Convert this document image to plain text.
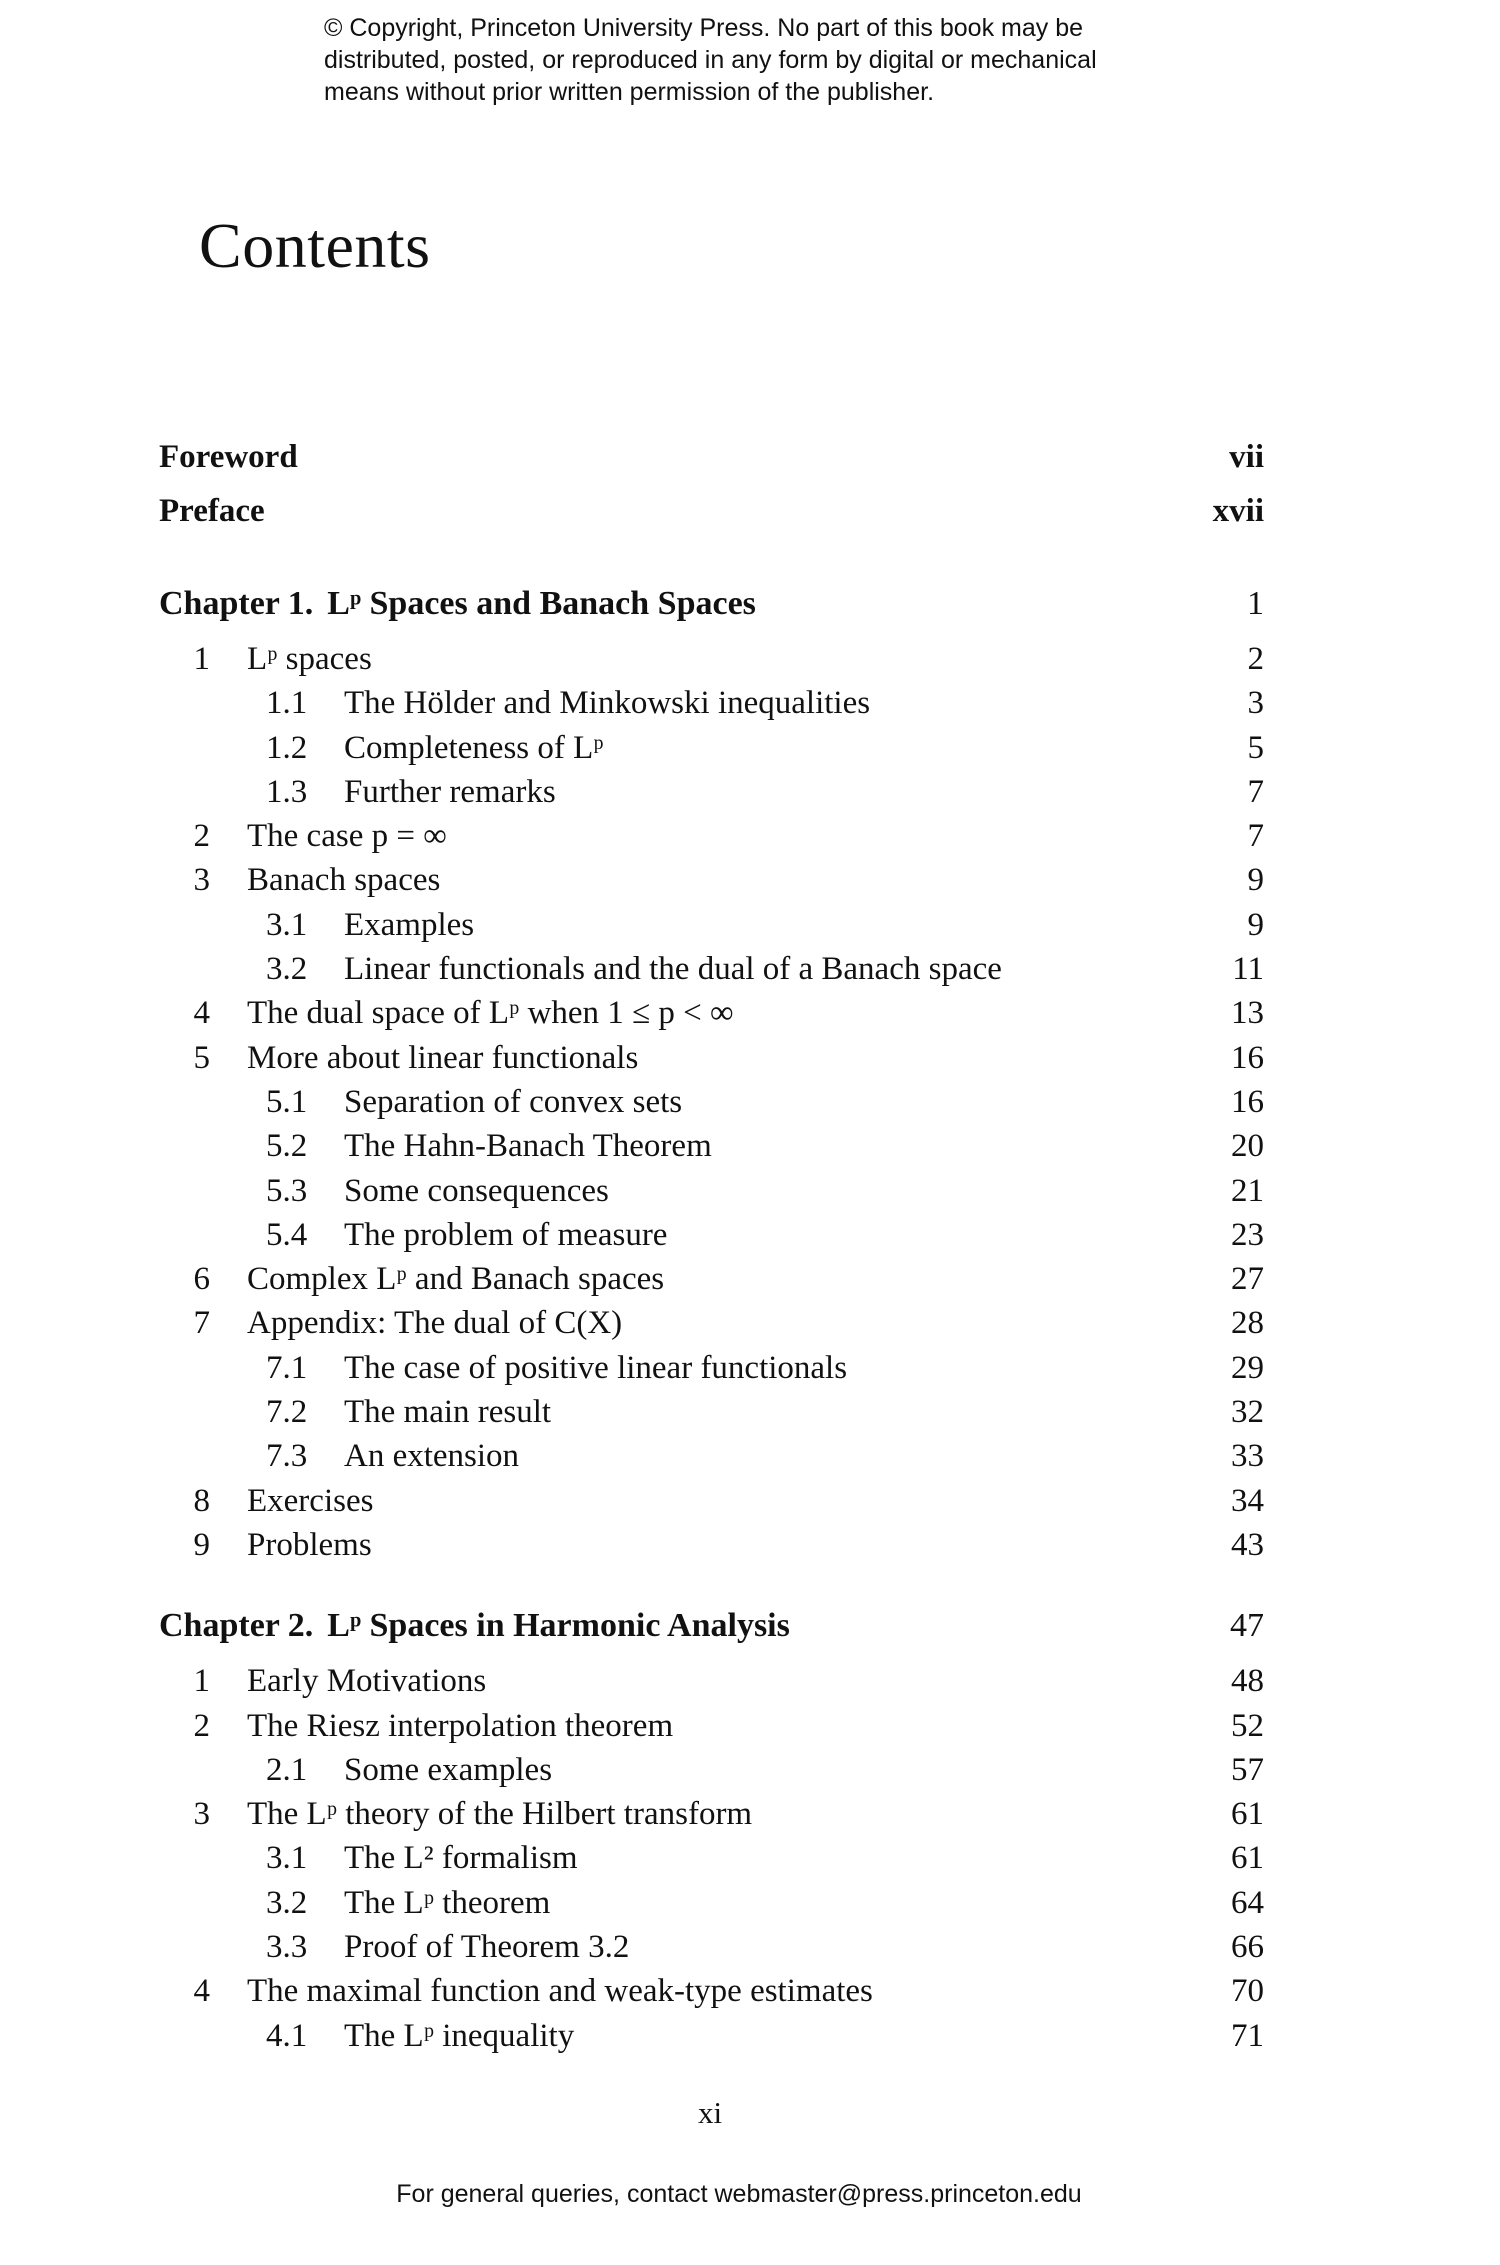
© Copyright, Princeton University Press. No part of this book may be
distributed, posted, or reproduced in any form by digital or mechanical
means without prior written permission of the publisher.
Contents
Foreword	vii
Preface	xvii
Chapter 1. Lᵖ Spaces and Banach Spaces	1
1 Lᵖ spaces	2
1.1 The Hölder and Minkowski inequalities	3
1.2 Completeness of Lᵖ	5
1.3 Further remarks	7
2 The case p = ∞	7
3 Banach spaces	9
3.1 Examples	9
3.2 Linear functionals and the dual of a Banach space	11
4 The dual space of Lᵖ when 1 ≤ p < ∞	13
5 More about linear functionals	16
5.1 Separation of convex sets	16
5.2 The Hahn-Banach Theorem	20
5.3 Some consequences	21
5.4 The problem of measure	23
6 Complex Lᵖ and Banach spaces	27
7 Appendix: The dual of C(X)	28
7.1 The case of positive linear functionals	29
7.2 The main result	32
7.3 An extension	33
8 Exercises	34
9 Problems	43
Chapter 2. Lᵖ Spaces in Harmonic Analysis	47
1 Early Motivations	48
2 The Riesz interpolation theorem	52
2.1 Some examples	57
3 The Lᵖ theory of the Hilbert transform	61
3.1 The L² formalism	61
3.2 The Lᵖ theorem	64
3.3 Proof of Theorem 3.2	66
4 The maximal function and weak-type estimates	70
4.1 The Lᵖ inequality	71
xi
For general queries, contact webmaster@press.princeton.edu
